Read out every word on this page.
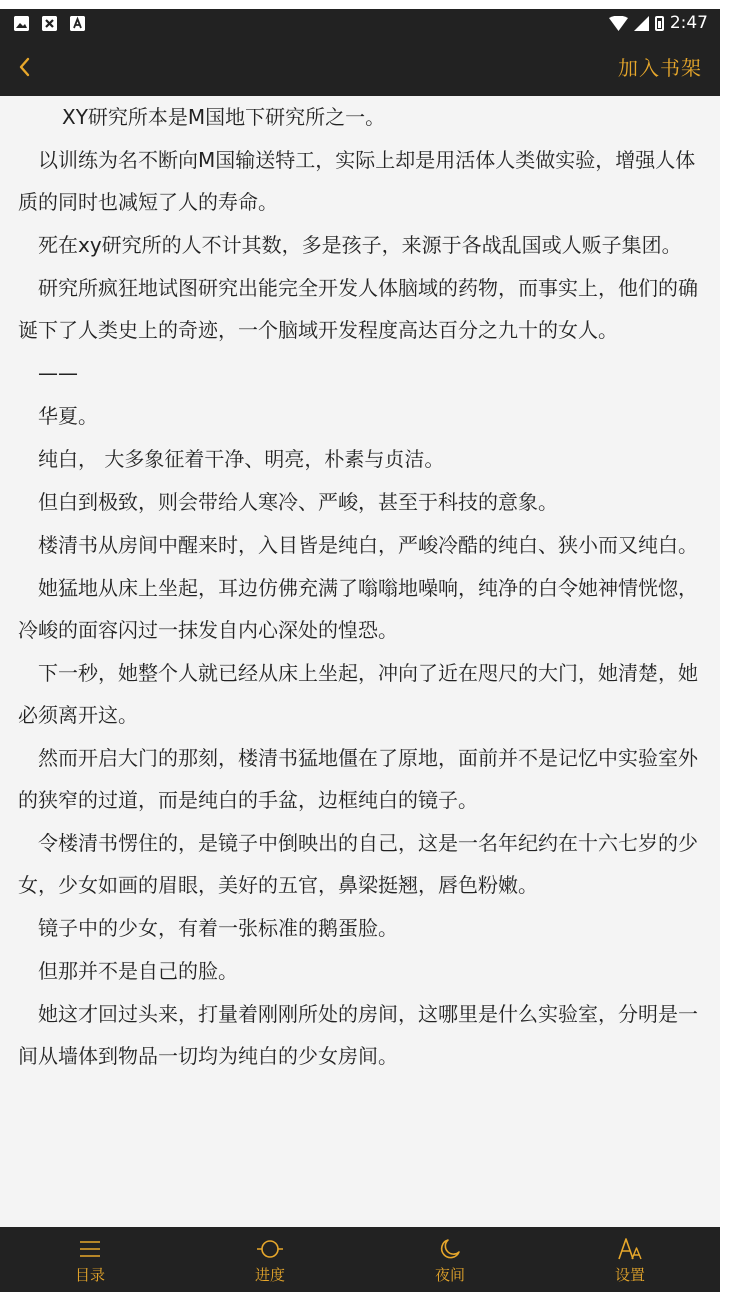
2:47
加入书架

XY研究所本是M国地下研究所之一。

以训练为名不断向M国输送特工，实际上却是用活体人类做实验，增强人体质的同时也减短了人的寿命。

死在xy研究所的人不计其数，多是孩子，来源于各战乱国或人贩子集团。

研究所疯狂地试图研究出能完全开发人体脑域的药物，而事实上，他们的确诞下了人类史上的奇迹，一个脑域开发程度高达百分之九十的女人。

——

华夏。

纯白， 大多象征着干净、明亮，朴素与贞洁。

但白到极致，则会带给人寒冷、严峻，甚至于科技的意象。

楼清书从房间中醒来时，入目皆是纯白，严峻冷酷的纯白、狭小而又纯白。

她猛地从床上坐起，耳边仿佛充满了嗡嗡地噪响，纯净的白令她神情恍惚，冷峻的面容闪过一抹发自内心深处的惶恐。

下一秒，她整个人就已经从床上坐起，冲向了近在咫尺的大门，她清楚，她必须离开这。

然而开启大门的那刻，楼清书猛地僵在了原地，面前并不是记忆中实验室外的狭窄的过道，而是纯白的手盆，边框纯白的镜子。

令楼清书愣住的，是镜子中倒映出的自己，这是一名年纪约在十六七岁的少女，少女如画的眉眼，美好的五官，鼻梁挺翘，唇色粉嫩。

镜子中的少女，有着一张标准的鹅蛋脸。

但那并不是自己的脸。

她这才回过头来，打量着刚刚所处的房间，这哪里是什么实验室，分明是一间从墙体到物品一切均为纯白的少女房间。

目录	进度	夜间	设置
